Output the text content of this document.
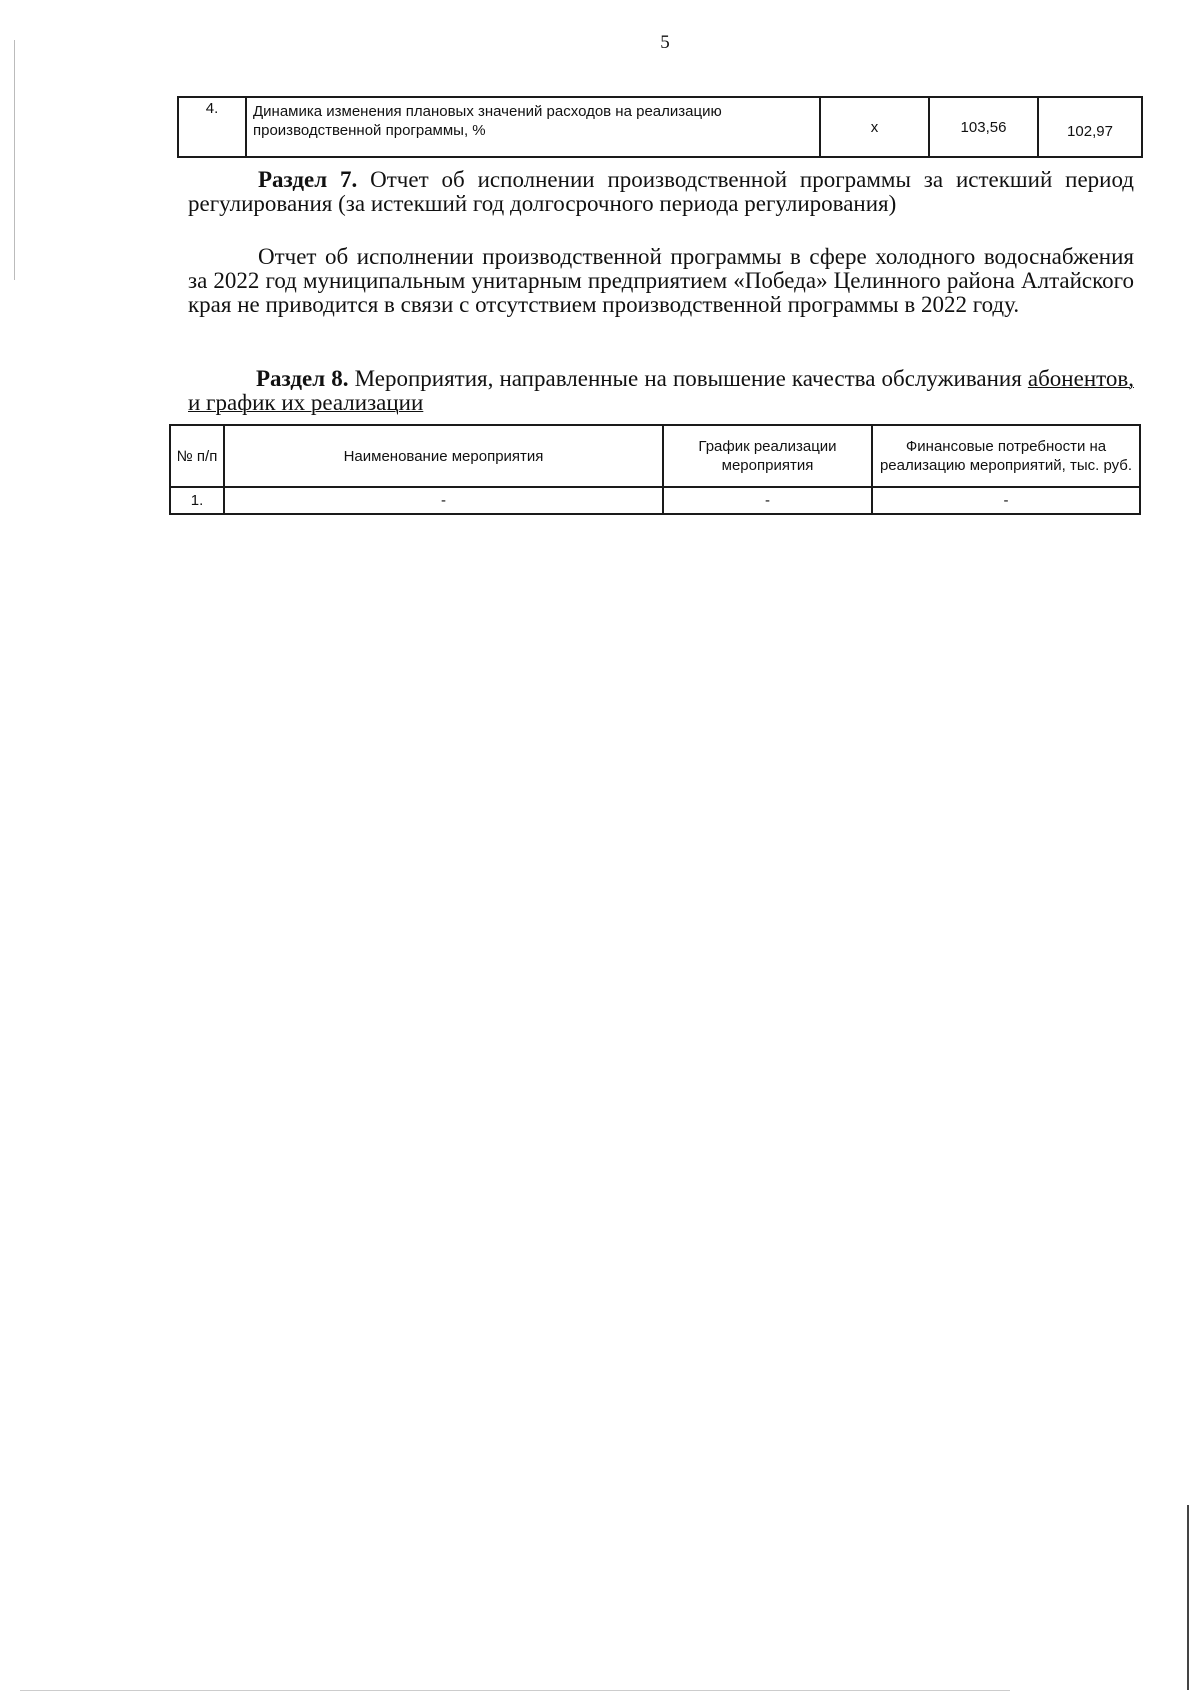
5
4.	Динамика изменения плановых значений расходов на реализацию производственной программы, %	х	103,56	102,97
Раздел 7. Отчет об исполнении производственной программы за истекший период регулирования (за истекший год долгосрочного периода регулирования)
Отчет об исполнении производственной программы в сфере холодного водоснабжения за 2022 год муниципальным унитарным предприятием «Победа» Целинного района Алтайского края не приводится в связи с отсутствием производственной программы в 2022 году.
Раздел 8. Мероприятия, направленные на повышение качества обслуживания абонентов, и график их реализации
№ п/п	Наименование мероприятия	График реализации мероприятия	Финансовые потребности на реализацию мероприятий, тыс. руб.
1.	-	-	-
